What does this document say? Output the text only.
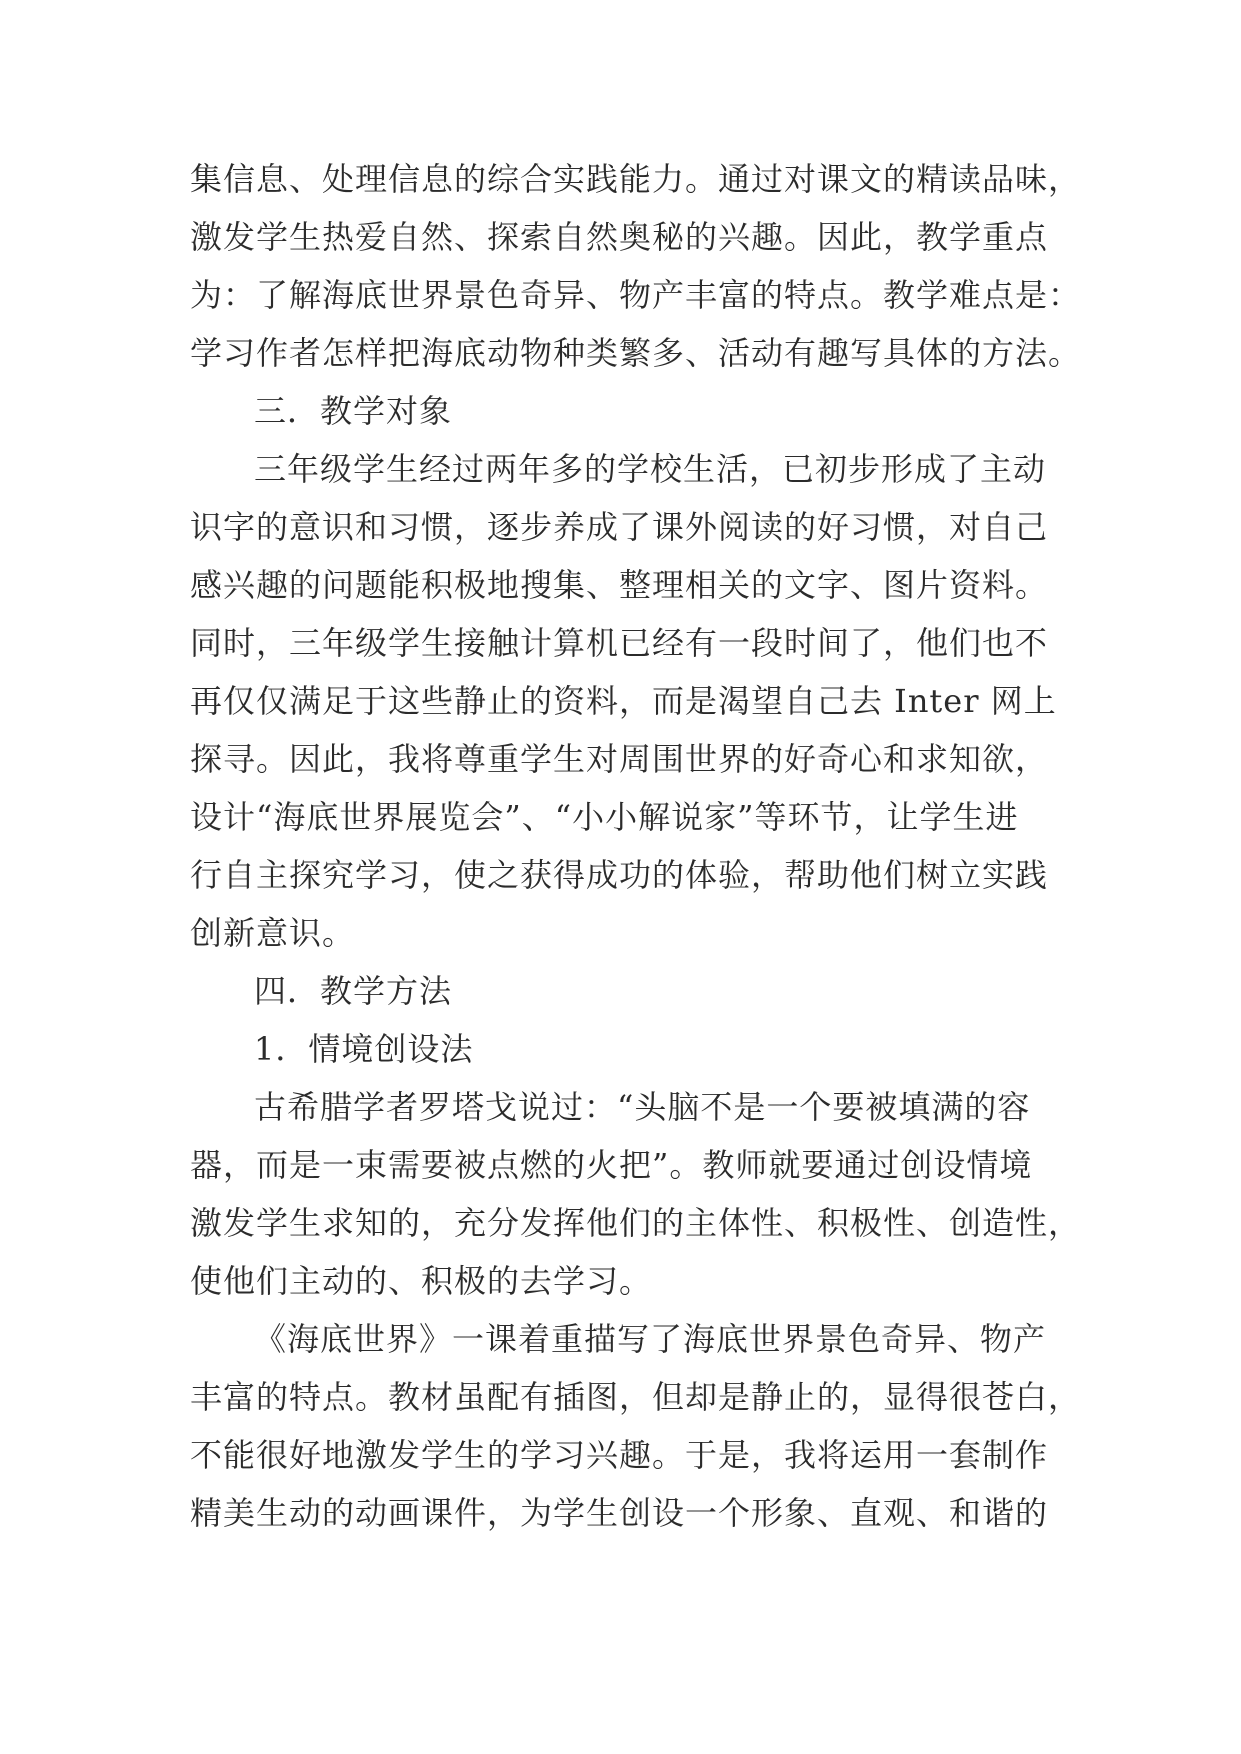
集信息、处理信息的综合实践能力。通过对课文的精读品味，

激发学生热爱自然、探索自然奥秘的兴趣。因此，教学重点

为：了解海底世界景色奇异、物产丰富的特点。教学难点是：

学习作者怎样把海底动物种类繁多、活动有趣写具体的方法。

三．教学对象

三年级学生经过两年多的学校生活，已初步形成了主动

识字的意识和习惯，逐步养成了课外阅读的好习惯，对自己

感兴趣的问题能积极地搜集、整理相关的文字、图片资料。

同时，三年级学生接触计算机已经有一段时间了，他们也不

再仅仅满足于这些静止的资料，而是渴望自己去 Inter 网上

探寻。因此，我将尊重学生对周围世界的好奇心和求知欲，

设计“海底世界展览会”、“小小解说家”等环节，让学生进

行自主探究学习，使之获得成功的体验，帮助他们树立实践

创新意识。

四．教学方法

1．情境创设法

古希腊学者罗塔戈说过：“头脑不是一个要被填满的容

器，而是一束需要被点燃的火把”。教师就要通过创设情境

激发学生求知的，充分发挥他们的主体性、积极性、创造性，

使他们主动的、积极的去学习。

《海底世界》一课着重描写了海底世界景色奇异、物产

丰富的特点。教材虽配有插图，但却是静止的，显得很苍白，

不能很好地激发学生的学习兴趣。于是，我将运用一套制作

精美生动的动画课件，为学生创设一个形象、直观、和谐的
